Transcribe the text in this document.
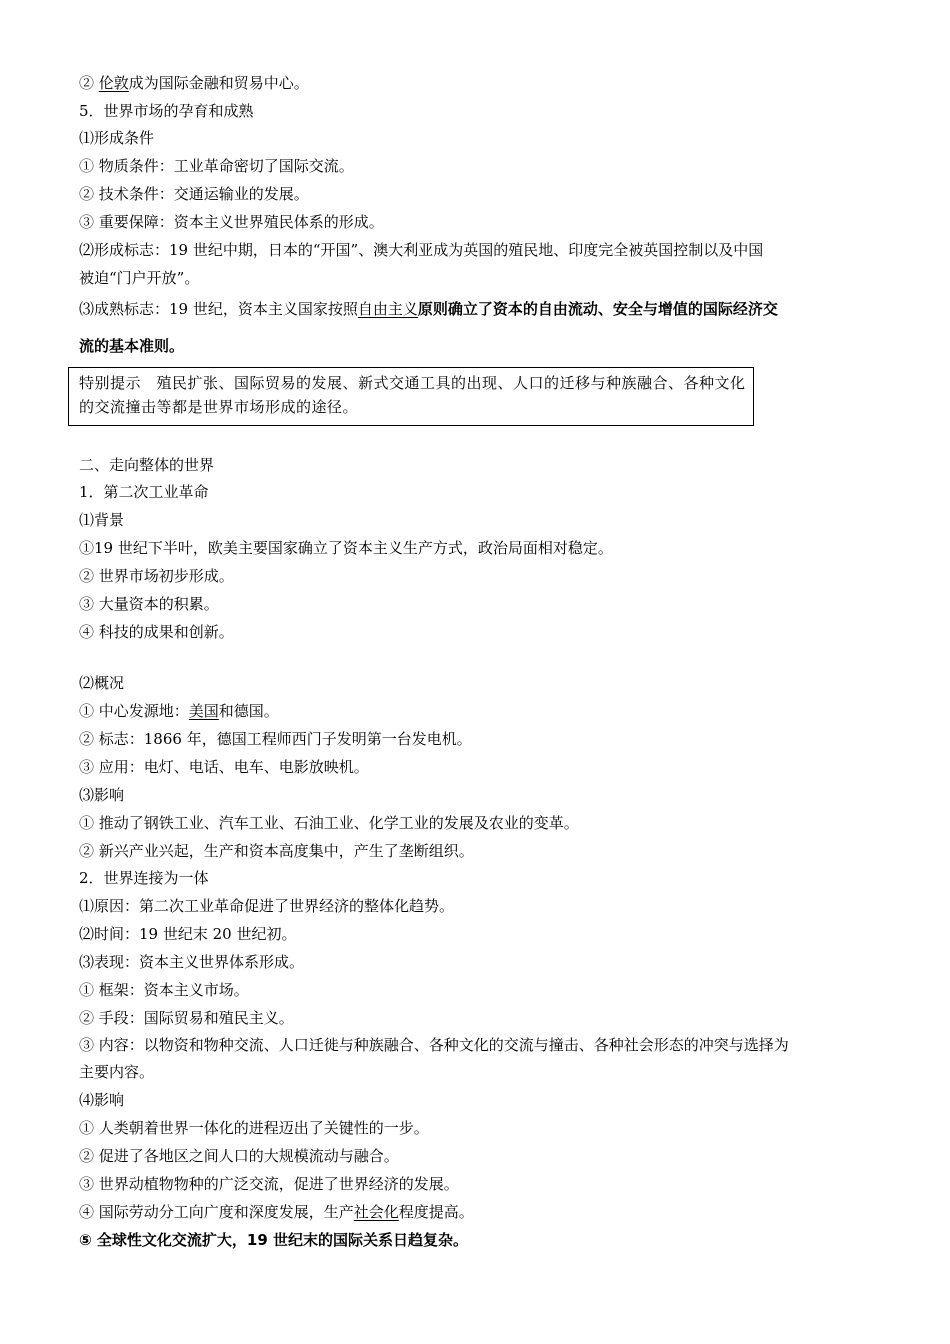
② 伦敦成为国际金融和贸易中心。
5．世界市场的孕育和成熟
⑴形成条件
① 物质条件：工业革命密切了国际交流。
② 技术条件：交通运输业的发展。
③ 重要保障：资本主义世界殖民体系的形成。
⑵形成标志：19 世纪中期，日本的“开国”、澳大利亚成为英国的殖民地、印度完全被英国控制以及中国
被迫“门户开放”。
⑶成熟标志：19 世纪，资本主义国家按照自由主义原则确立了资本的自由流动、安全与增值的国际经济交
流的基本准则。
特别提示　殖民扩张、国际贸易的发展、新式交通工具的出现、人口的迁移与种族融合、各种文化的交流撞击等都是世界市场形成的途径。
二、走向整体的世界
1．第二次工业革命
⑴背景
①19 世纪下半叶，欧美主要国家确立了资本主义生产方式，政治局面相对稳定。
② 世界市场初步形成。
③ 大量资本的积累。
④ 科技的成果和创新。
⑵概况
① 中心发源地：美国和德国。
② 标志：1866 年，德国工程师西门子发明第一台发电机。
③ 应用：电灯、电话、电车、电影放映机。
⑶影响
① 推动了钢铁工业、汽车工业、石油工业、化学工业的发展及农业的变革。
② 新兴产业兴起，生产和资本高度集中，产生了垄断组织。
2．世界连接为一体
⑴原因：第二次工业革命促进了世界经济的整体化趋势。
⑵时间：19 世纪末 20 世纪初。
⑶表现：资本主义世界体系形成。
① 框架：资本主义市场。
② 手段：国际贸易和殖民主义。
③ 内容：以物资和物种交流、人口迁徙与种族融合、各种文化的交流与撞击、各种社会形态的冲突与选择为
主要内容。
⑷影响
① 人类朝着世界一体化的进程迈出了关键性的一步。
② 促进了各地区之间人口的大规模流动与融合。
③ 世界动植物物种的广泛交流，促进了世界经济的发展。
④ 国际劳动分工向广度和深度发展，生产社会化程度提高。
⑤ 全球性文化交流扩大，19 世纪末的国际关系日趋复杂。
